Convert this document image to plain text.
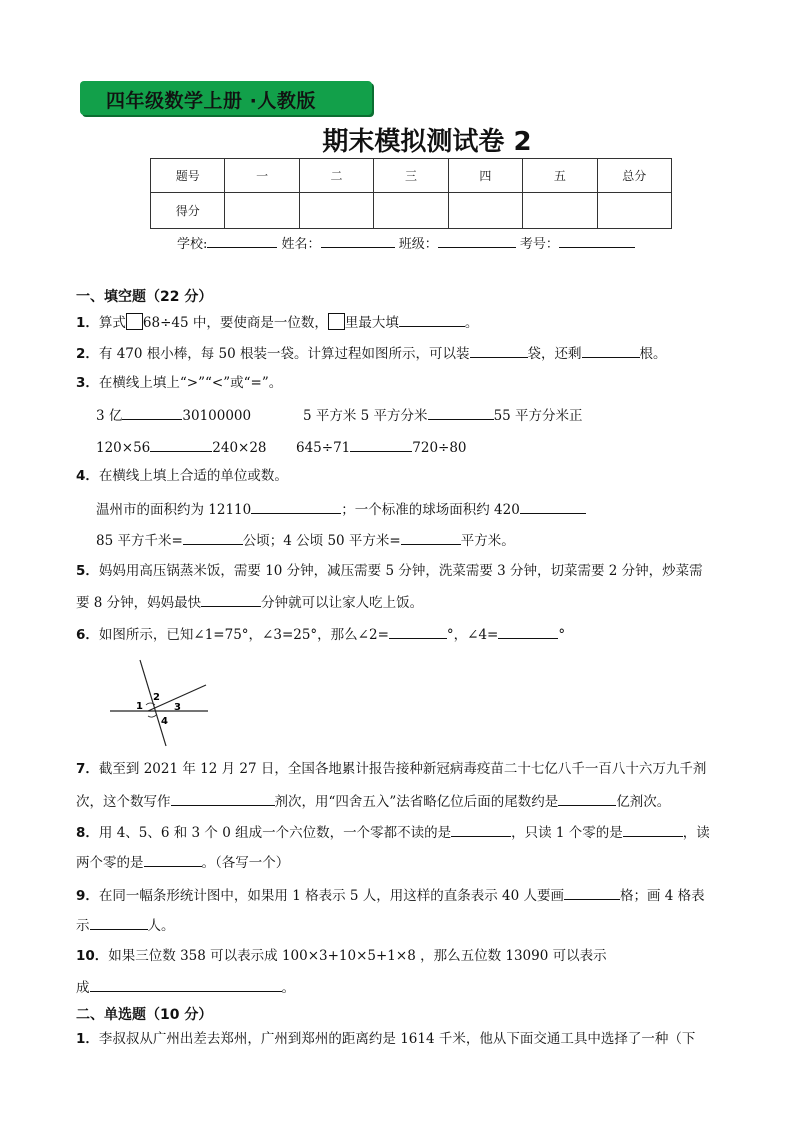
四年级数学上册 ·人教版
期末模拟测试卷 2
题号	一	二	三	四	五	总分
得分						
学校:	姓名：	班级：	考号：
一、填空题（22 分）
1．算式 68÷45 中，要使商是一位数， 里最大填	。
2．有 470 根小棒，每 50 根装一袋。计算过程如图所示，可以装	袋，还剩	根。
3．在横线上填上“>”“<”或“=”。
3 亿	30100000	5 平方米 5 平方分米	55 平方分米正
120×56	240×28 645÷71	720÷80
4．在横线上填上合适的单位或数。
温州市的面积约为 12110	；一个标准的球场面积约 420
85 平方千米=	公顷；4 公顷 50 平方米=	平方米。
5．妈妈用高压锅蒸米饭，需要 10 分钟，减压需要 5 分钟，洗菜需要 3 分钟，切菜需要 2 分钟，炒菜需
要 8 分钟，妈妈最快	分钟就可以让家人吃上饭。
6．如图所示，已知∠1=75°，∠3=25°，那么∠2=	°，∠4=	°
1
2
3
4
7．截至到 2021 年 12 月 27 日，全国各地累计报告接种新冠病毒疫苗二十七亿八千一百八十六万九千剂
次，这个数写作	剂次，用“四舍五入”法省略亿位后面的尾数约是	亿剂次。
8．用 4、5、6 和 3 个 0 组成一个六位数，一个零都不读的是	，只读 1 个零的是	，读
两个零的是	。（各写一个）
9．在同一幅条形统计图中，如果用 1 格表示 5 人，用这样的直条表示 40 人要画	格；画 4 格表
示	人。
10．如果三位数 358 可以表示成 100×3+10×5+1×8 ，那么五位数 13090 可以表示
成	。
二、单选题（10 分）
1．李叔叔从广州出差去郑州，广州到郑州的距离约是 1614 千米，他从下面交通工具中选择了一种（下
